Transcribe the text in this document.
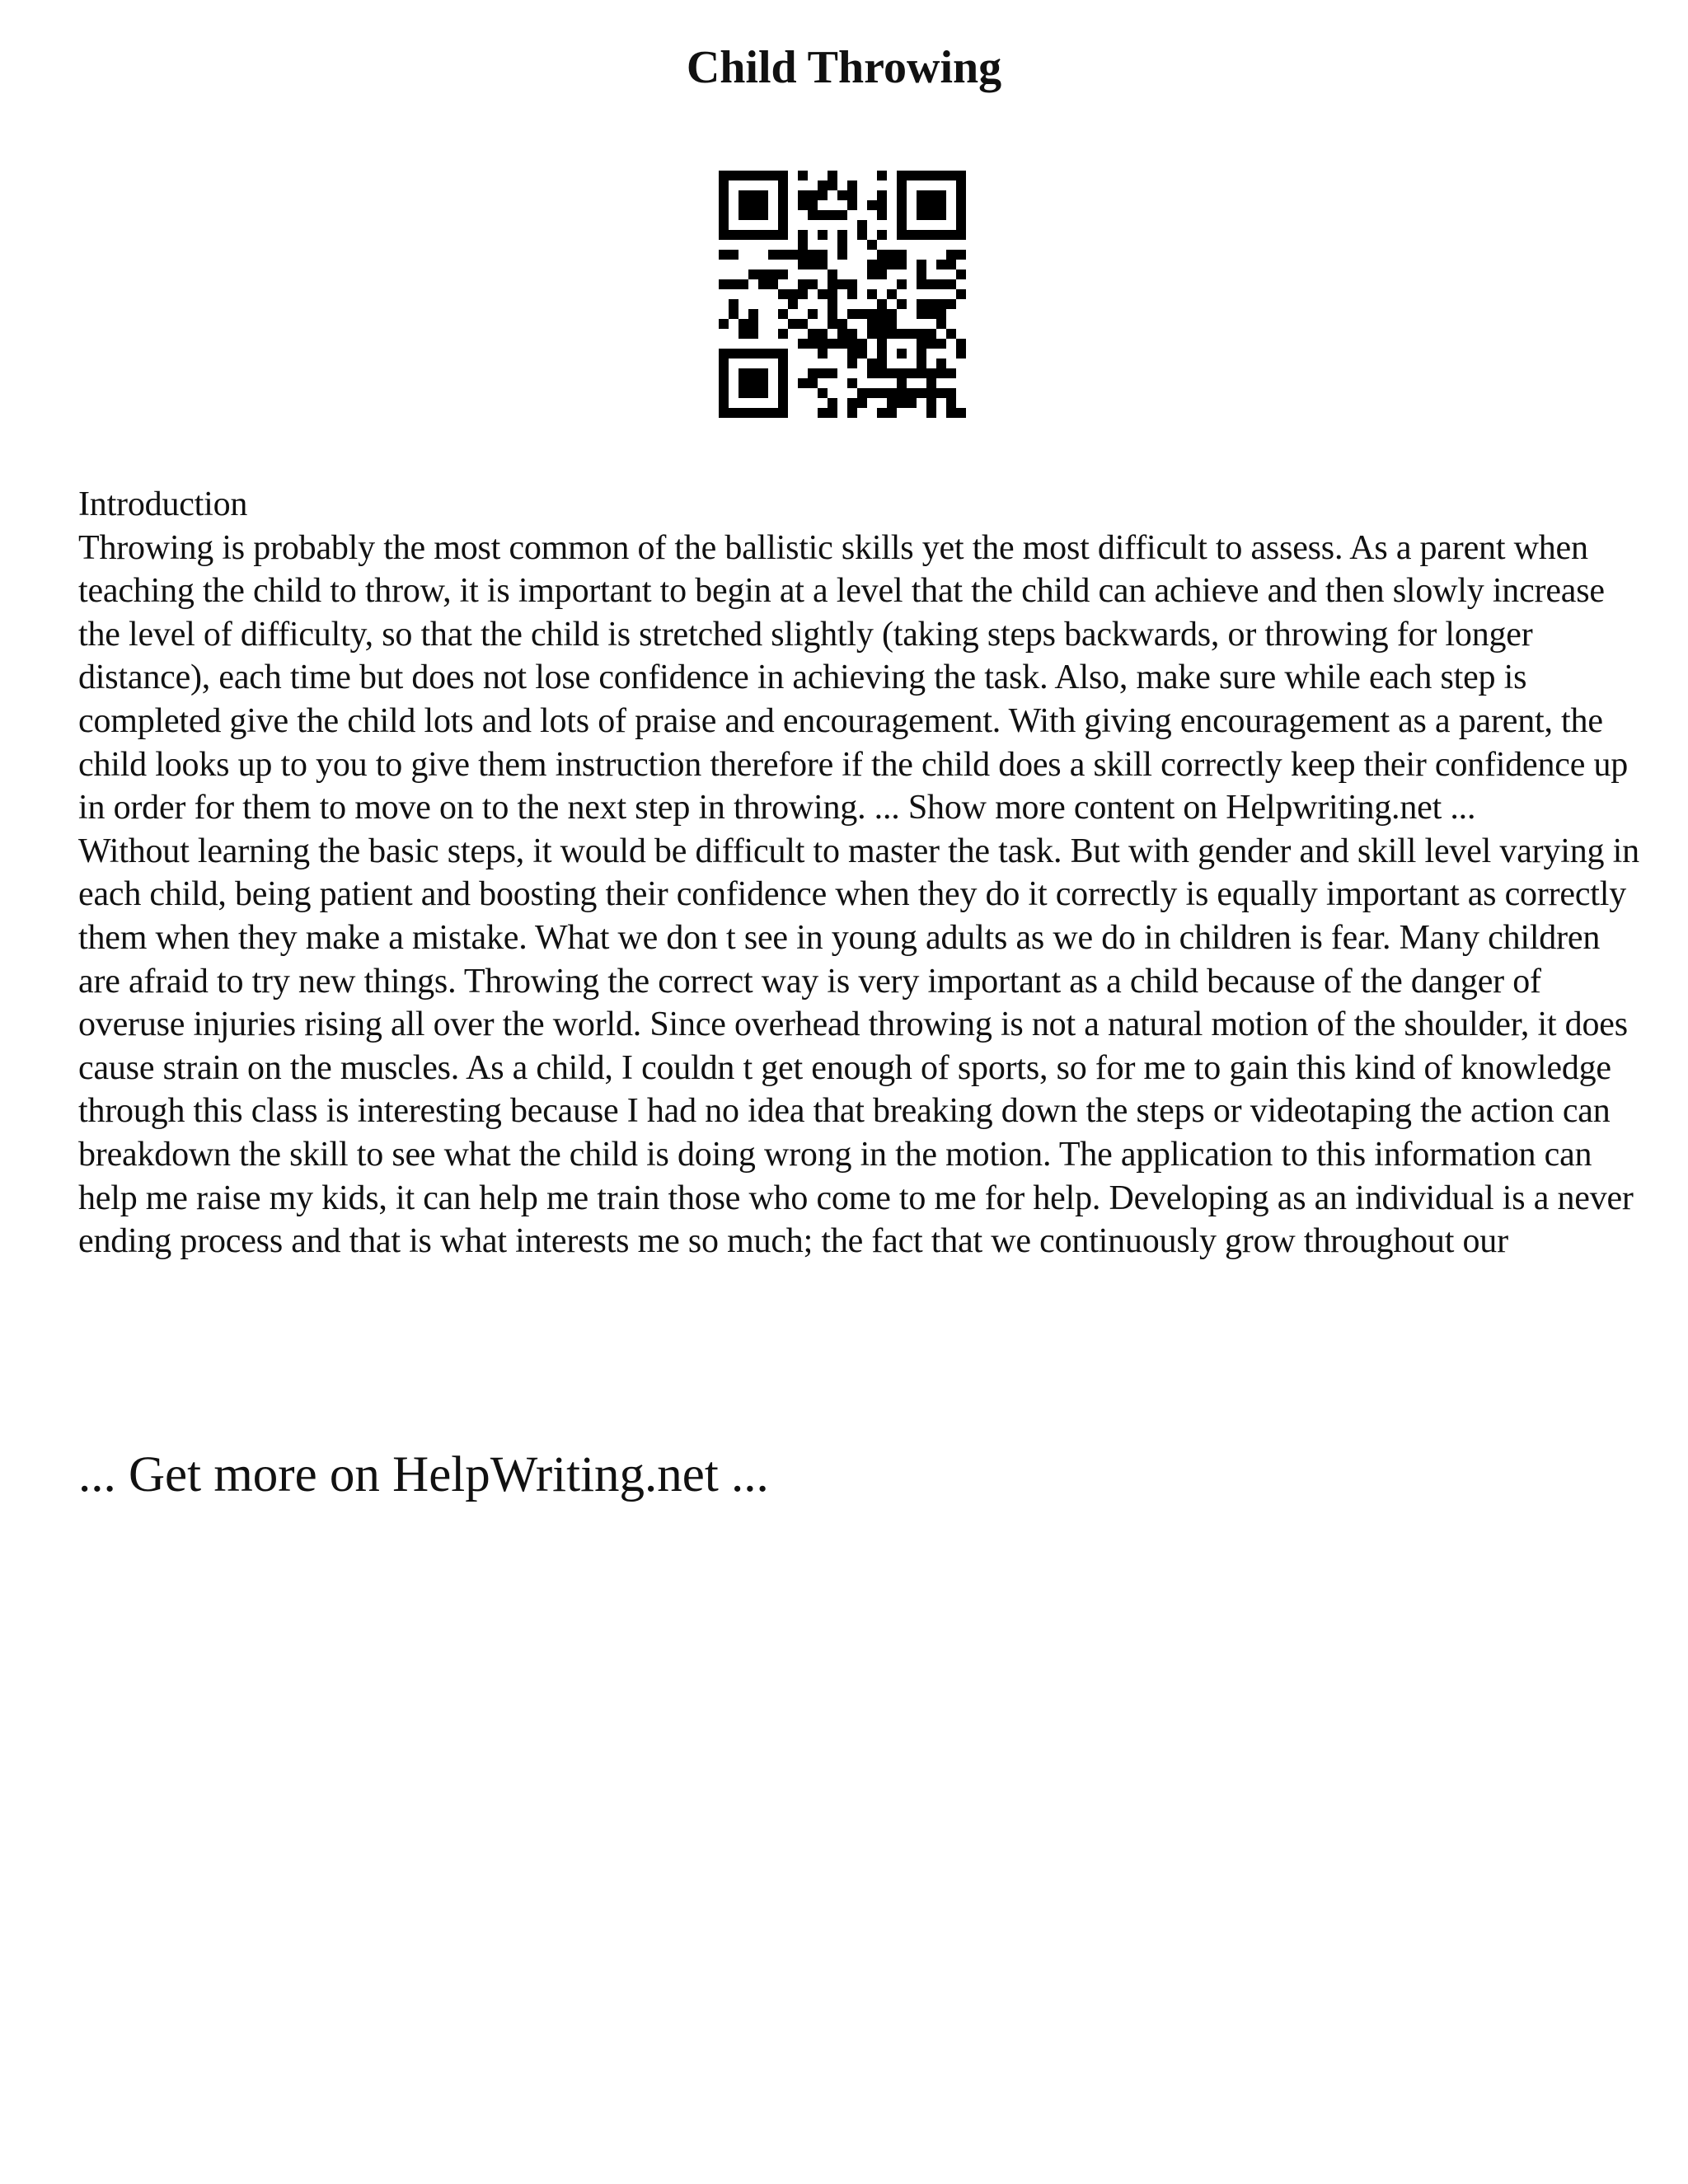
Child Throwing

Introduction

Throwing is probably the most common of the ballistic skills yet the most difficult to assess. As a parent when teaching the child to throw, it is important to begin at a level that the child can achieve and then slowly increase the level of difficulty, so that the child is stretched slightly (taking steps backwards, or throwing for longer distance), each time but does not lose confidence in achieving the task. Also, make sure while each step is completed give the child lots and lots of praise and encouragement. With giving encouragement as a parent, the child looks up to you to give them instruction therefore if the child does a skill correctly keep their confidence up in order for them to move on to the next step in throwing. ... Show more content on Helpwriting.net ...

Without learning the basic steps, it would be difficult to master the task. But with gender and skill level varying in each child, being patient and boosting their confidence when they do it correctly is equally important as correctly them when they make a mistake. What we don t see in young adults as we do in children is fear. Many children are afraid to try new things. Throwing the correct way is very important as a child because of the danger of overuse injuries rising all over the world. Since overhead throwing is not a natural motion of the shoulder, it does cause strain on the muscles. As a child, I couldn t get enough of sports, so for me to gain this kind of knowledge through this class is interesting because I had no idea that breaking down the steps or videotaping the action can breakdown the skill to see what the child is doing wrong in the motion. The application to this information can help me raise my kids, it can help me train those who come to me for help. Developing as an individual is a never ending process and that is what interests me so much; the fact that we continuously grow throughout our

... Get more on HelpWriting.net ...
